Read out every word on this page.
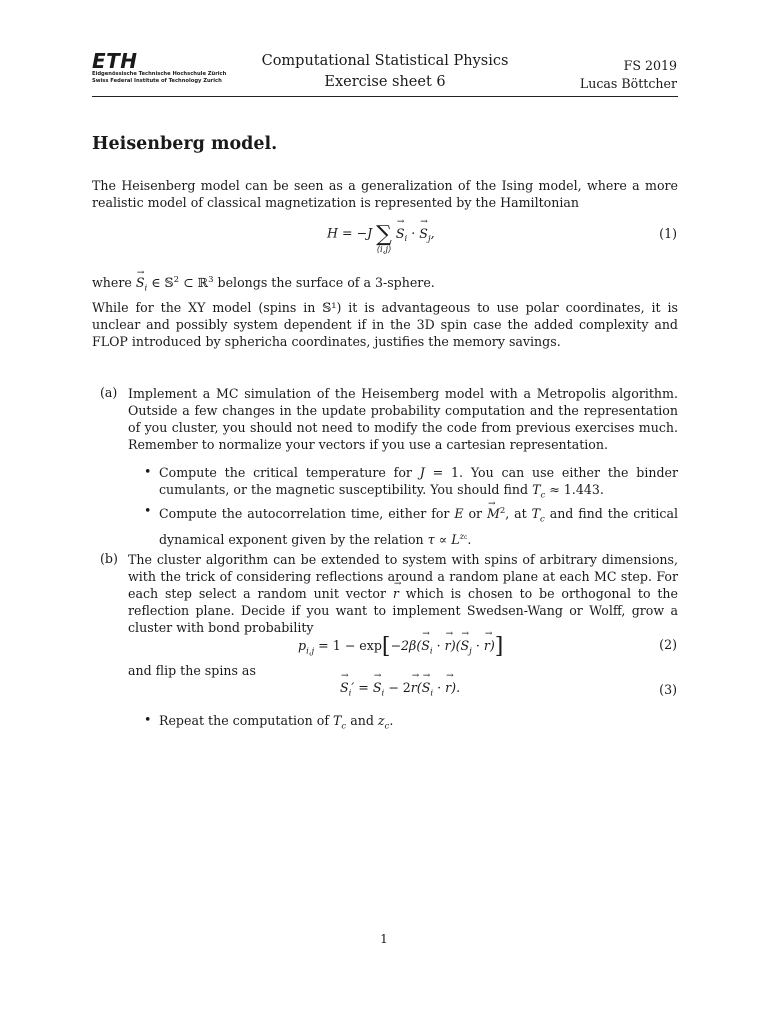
ETH
Eidgenössische Technische Hochschule Zürich
Swiss Federal Institute of Technology Zurich
Computational Statistical Physics
Exercise sheet 6
FS 2019
Lucas Böttcher
Heisenberg model.

The Heisenberg model can be seen as a generalization of the Ising model, where a more realistic model of classical magnetization is represented by the Hamiltonian

H = −J ∑
⟨i,j⟩
→ $S_i$ · → $S_j$,	(1)
where → $S_i$ ∈ 𝕊$^2$ ⊂ ℝ$^3$ belongs the surface of a 3-sphere.

While for the XY model (spins in 𝕊¹) it is advantageous to use polar coordinates, it is unclear and possibly system dependent if in the 3D spin case the added complexity and FLOP introduced by sphericha coordinates, justifies the memory savings.

(a) Implement a MC simulation of the Heisemberg model with a Metropolis algorithm. Outside a few changes in the update probability computation and the representation of you cluster, you should not need to modify the code from previous exercises much. Remember to normalize your vectors if you use a cartesian representation.

• Compute the critical temperature for J = 1. You can use either the binder cumulants, or the magnetic susceptibility. You should find $T_c \approx 1.443$.

• Compute the autocorrelation time, either for E or → $M^2$, at $T_c$ and find the critical dynamical exponent given by the relation $\tau \propto L^{zc}$.

(b) The cluster algorithm can be extended to system with spins of arbitrary dimensions, with the trick of considering reflections around a random plane at each MC step. For each step select a random unit vector → r which is chosen to be orthogonal to the reflection plane. Decide if you want to implement Swedsen-Wang or Wolff, grow a cluster with bond probability

$p_{i,j} = 1 - \exp[-2\beta(\to S_i$ · → $r)(\to S_j$ · → r)]	(2)
and flip the spins as
→ $S_i'$ = → $S_i - 2\to r(\to S_i$ · → r).	(3)
• Repeat the computation of $T_c$ and $z_c$.

1
